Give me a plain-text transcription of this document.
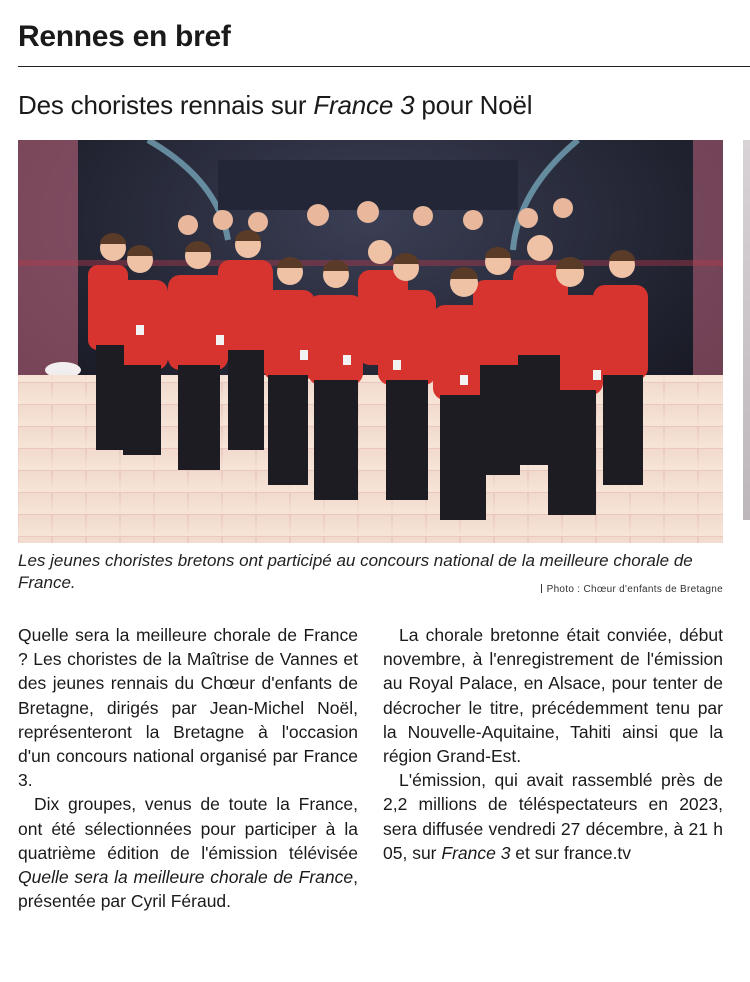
Rennes en bref
Des choristes rennais sur France 3 pour Noël
Les jeunes choristes bretons ont participé au concours national de la meilleure chorale de France.	Photo : Chœur d'enfants de Bretagne

Quelle sera la meilleure chorale de France ? Les choristes de la Maîtrise de Vannes et des jeunes rennais du Chœur d'enfants de Bretagne, dirigés par Jean-Michel Noël, représenteront la Bretagne à l'occasion d'un concours national organisé par France 3.

Dix groupes, venus de toute la France, ont été sélectionnées pour participer à la quatrième édition de l'émission télévisée Quelle sera la meilleure chorale de France, présentée par Cyril Féraud.

La chorale bretonne était conviée, début novembre, à l'enregistrement de l'émission au Royal Palace, en Alsace, pour tenter de décrocher le titre, précédemment tenu par la Nouvelle-Aquitaine, Tahiti ainsi que la région Grand-Est.

L'émission, qui avait rassemblé près de 2,2 millions de téléspectateurs en 2023, sera diffusée vendredi 27 décembre, à 21 h 05, sur France 3 et sur france.tv
